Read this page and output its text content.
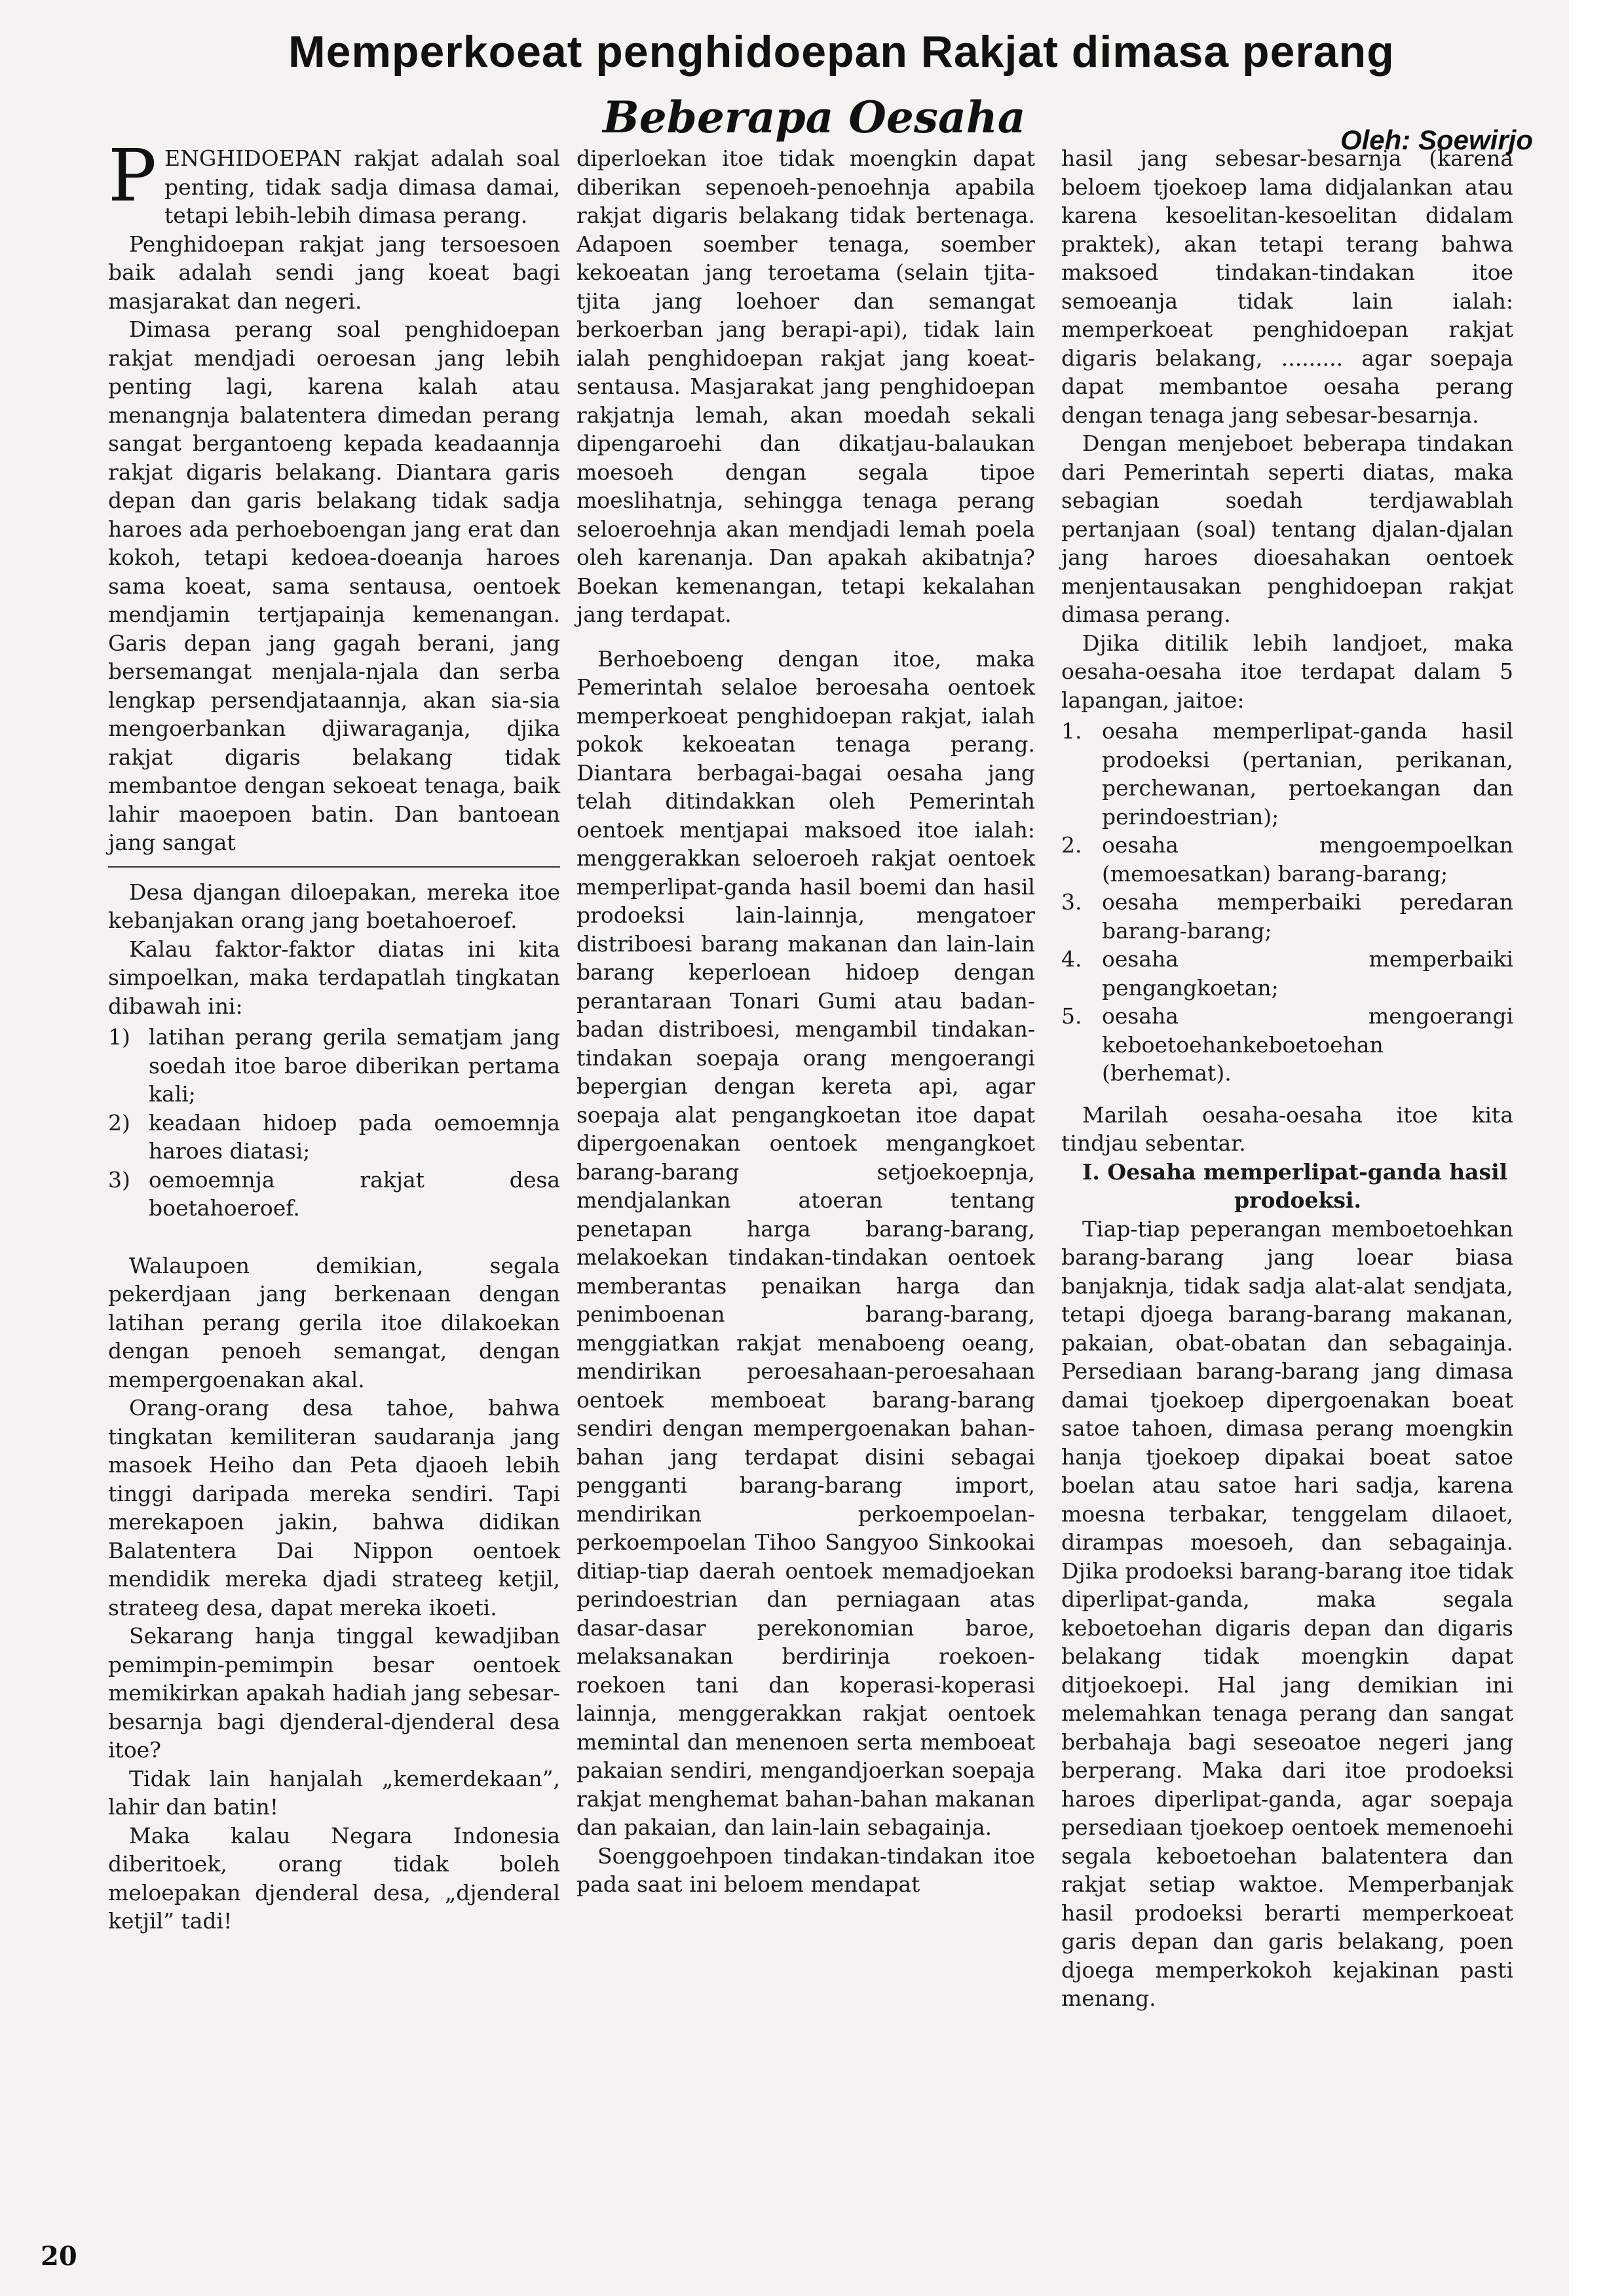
Memperkoeat penghidoepan Rakjat dimasa perang
Beberapa Oesaha	Oleh: Soewirjo

PENGHIDOEPAN rakjat adalah soal penting, tidak sadja dimasa damai, tetapi lebih-lebih dimasa perang.

Penghidoepan rakjat jang tersoesoen baik adalah sendi jang koeat bagi masjarakat dan negeri.

Dimasa perang soal penghidoepan rakjat mendjadi oeroesan jang lebih penting lagi, karena kalah atau menangnja balatentera dimedan perang sangat bergantoeng kepada keadaannja rakjat digaris belakang. Diantara garis depan dan garis belakang tidak sadja haroes ada perhoeboengan jang erat dan kokoh, tetapi kedoea-doeanja haroes sama koeat, sama sentausa, oentoek mendjamin tertjapainja kemenangan. Garis depan jang gagah berani, jang bersemangat menjala-njala dan serba lengkap persendjataannja, akan sia-sia mengoerbankan djiwaraganja, djika rakjat digaris belakang tidak membantoe dengan sekoeat tenaga, baik lahir maoepoen batin. Dan bantoean jang sangat

Desa djangan diloepakan, mereka itoe kebanjakan orang jang boetahoeroef.

Kalau faktor-faktor diatas ini kita simpoelkan, maka terdapatlah tingkatan dibawah ini:

1) latihan perang gerila sematjam jang soedah itoe baroe diberikan pertama kali;
2) keadaan hidoep pada oemoemnja haroes diatasi;
3) oemoemnja rakjat desa boetahoeroef.

Walaupoen demikian, segala pekerdjaan jang berkenaan dengan latihan perang gerila itoe dilakoekan dengan penoeh semangat, dengan mempergoenakan akal.

Orang-orang desa tahoe, bahwa tingkatan kemiliteran saudaranja jang masoek Heiho dan Peta djaoeh lebih tinggi daripada mereka sendiri. Tapi merekapoen jakin, bahwa didikan Balatentera Dai Nippon oentoek mendidik mereka djadi strateeg ketjil, strateeg desa, dapat mereka ikoeti.

Sekarang hanja tinggal kewadjiban pemimpin-pemimpin besar oentoek memikirkan apakah hadiah jang sebesar-besarnja bagi djenderal-djenderal desa itoe?

Tidak lain hanjalah „kemerdekaan”, lahir dan batin!

Maka kalau Negara Indonesia diberitoek, orang tidak boleh meloepakan djenderal desa, „djenderal ketjil” tadi!

diperloekan itoe tidak moengkin dapat diberikan sepenoeh-penoehnja apabila rakjat digaris belakang tidak bertenaga. Adapoen soember tenaga, soember kekoeatan jang teroetama (selain tjita-tjita jang loehoer dan semangat berkoerban jang berapi-api), tidak lain ialah penghidoepan rakjat jang koeat-sentausa. Masjarakat jang penghidoepan rakjatnja lemah, akan moedah sekali dipengaroehi dan dikatjau-balaukan moesoeh dengan segala tipoe moeslihatnja, sehingga tenaga perang seloeroehnja akan mendjadi lemah poela oleh karenanja. Dan apakah akibatnja? Boekan kemenangan, tetapi kekalahan jang terdapat.

Berhoeboeng dengan itoe, maka Pemerintah selaloe beroesaha oentoek memperkoeat penghidoepan rakjat, ialah pokok kekoeatan tenaga perang. Diantara berbagai-bagai oesaha jang telah ditindakkan oleh Pemerintah oentoek mentjapai maksoed itoe ialah: menggerakkan seloeroeh rakjat oentoek memperlipat-ganda hasil boemi dan hasil prodoeksi lain-lainnja, mengatoer distriboesi barang makanan dan lain-lain barang keperloean hidoep dengan perantaraan Tonari Gumi atau badan-badan distriboesi, mengambil tindakan-tindakan soepaja orang mengoerangi bepergian dengan kereta api, agar soepaja alat pengangkoetan itoe dapat dipergoenakan oentoek mengangkoet barang-barang setjoekoepnja, mendjalankan atoeran tentang penetapan harga barang-barang, melakoekan tindakan-tindakan oentoek memberantas penaikan harga dan penimboenan barang-barang, menggiatkan rakjat menaboeng oeang, mendirikan peroesahaan-peroesahaan oentoek memboeat barang-barang sendiri dengan mempergoenakan bahan-bahan jang terdapat disini sebagai pengganti barang-barang import, mendirikan perkoempoelan-perkoempoelan Tihoo Sangyoo Sinkookai ditiap-tiap daerah oentoek memadjoekan perindoestrian dan perniagaan atas dasar-dasar perekonomian baroe, melaksanakan berdirinja roekoen-roekoen tani dan koperasi-koperasi lainnja, menggerakkan rakjat oentoek memintal dan menenoen serta memboeat pakaian sendiri, mengandjoerkan soepaja rakjat menghemat bahan-bahan makanan dan pakaian, dan lain-lain sebagainja.

Soenggoehpoen tindakan-tindakan itoe pada saat ini beloem mendapat

hasil jang sebesar-besarnja (karena beloem tjoekoep lama didjalankan atau karena kesoelitan-kesoelitan didalam praktek), akan tetapi terang bahwa maksoed tindakan-tindakan itoe semoeanja tidak lain ialah: memperkoeat penghidoepan rakjat digaris belakang, ......... agar soepaja dapat membantoe oesaha perang dengan tenaga jang sebesar-besarnja.

Dengan menjeboet beberapa tindakan dari Pemerintah seperti diatas, maka sebagian soedah terdjawablah pertanjaan (soal) tentang djalan-djalan jang haroes dioesahakan oentoek menjentausakan penghidoepan rakjat dimasa perang.

Djika ditilik lebih landjoet, maka oesaha-oesaha itoe terdapat dalam 5 lapangan, jaitoe:

1. oesaha memperlipat-ganda hasil prodoeksi (pertanian, perikanan, perchewanan, pertoekangan dan perindoestrian);
2. oesaha mengoempoelkan (memoesatkan) barang-barang;
3. oesaha memperbaiki peredaran barang-barang;
4. oesaha memperbaiki pengangkoetan;
5. oesaha mengoerangi keboetoehankeboetoehan (berhemat).

Marilah oesaha-oesaha itoe kita tindjau sebentar.

I. Oesaha memperlipat-ganda hasil

prodoeksi.

Tiap-tiap peperangan memboetoehkan barang-barang jang loear biasa banjaknja, tidak sadja alat-alat sendjata, tetapi djoega barang-barang makanan, pakaian, obat-obatan dan sebagainja. Persediaan barang-barang jang dimasa damai tjoekoep dipergoenakan boeat satoe tahoen, dimasa perang moengkin hanja tjoekoep dipakai boeat satoe boelan atau satoe hari sadja, karena moesna terbakar, tenggelam dilaoet, dirampas moesoeh, dan sebagainja. Djika prodoeksi barang-barang itoe tidak diperlipat-ganda, maka segala keboetoehan digaris depan dan digaris belakang tidak moengkin dapat ditjoekoepi. Hal jang demikian ini melemahkan tenaga perang dan sangat berbahaja bagi seseoatoe negeri jang berperang. Maka dari itoe prodoeksi haroes diperlipat-ganda, agar soepaja persediaan tjoekoep oentoek memenoehi segala keboetoehan balatentera dan rakjat setiap waktoe. Memperbanjak hasil prodoeksi berarti memperkoeat garis depan dan garis belakang, poen djoega memperkokoh kejakinan pasti menang.

20
